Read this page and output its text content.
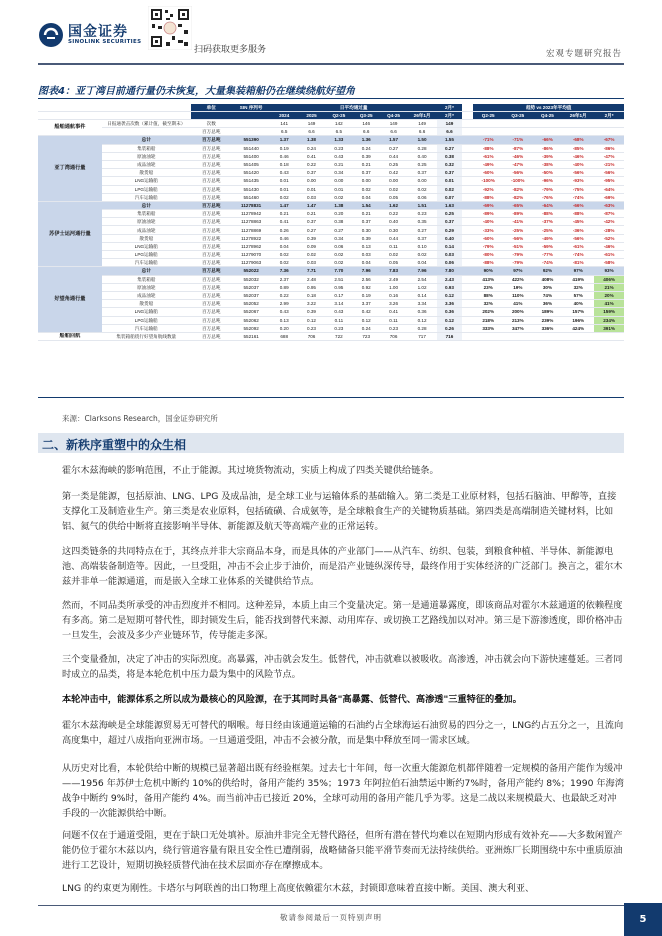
国金证券
SINOLINK SECURITIES
扫码获取更多服务	宏观专题研究报告
图表4：亚丁湾目前通行量仍未恢复，大量集装箱船仍在继续绕航好望角
		单位	SIN 序列号	日平均通过量						2月*		趋势 vs 2023年平均值				
				2024	2025	Q2-25	Q3-25	Q4-25	26年1月	2月*		Q2-25	Q3-25	Q4-25	26年1月	2月*
船舶通航事件	日报通袭击次数（累计值，截至期末）	次数		141	149	142	146	149	149	149						
		百万总吨		6.5	6.6	6.5	6.6	6.6	6.6	6.6						
亚丁湾通行量	总计	百万总吨	551390	1.37	1.38	1.33	1.36	1.57	1.50	1.55		-71%	-71%	-66%	-68%	-67%
	集装箱船	百万总吨	551440	0.19	0.24	0.23	0.24	0.27	0.28	0.27		-88%	-87%	-86%	-85%	-86%
	原油油轮	百万总吨	551400	0.46	0.41	0.43	0.39	0.44	0.40	0.38		-61%	-46%	-39%	-46%	-47%
	成品油轮	百万总吨	551405	0.18	0.22	0.21	0.21	0.25	0.25	0.32		-49%	-47%	-38%	-40%	-21%
	散货船	百万总吨	551420	0.43	0.37	0.34	0.37	0.42	0.37	0.37		-60%	-56%	-50%	-56%	-56%
	LNG运输船	百万总吨	551435	0.01	0.00	0.00	0.00	0.00	0.00	0.01		-100%	-100%	-96%	-93%	-95%
	LPG运输船	百万总吨	551430	0.01	0.01	0.01	0.02	0.02	0.02	0.02		-92%	-82%	-79%	-75%	-64%
	汽车运输船	百万总吨	551460	0.02	0.03	0.02	0.04	0.05	0.06	0.07		-88%	-82%	-76%	-74%	-69%
苏伊士运河通行量	总计	百万总吨	11278831	1.47	1.47	1.38	1.54	1.62	1.51	1.63		-69%	-65%	-64%	-66%	-63%
	集装箱船	百万总吨	11278942	0.21	0.21	0.20	0.21	0.22	0.23	0.25		-89%	-89%	-88%	-88%	-87%
	原油油轮	百万总吨	11278863	0.41	0.37	0.38	0.37	0.40	0.35	0.37		-40%	-41%	-37%	-45%	-42%
	成品油轮	百万总吨	11278869	0.26	0.27	0.27	0.30	0.30	0.27	0.29		-33%	-25%	-25%	-36%	-28%
	散货船	百万总吨	11278922	0.46	0.39	0.34	0.39	0.44	0.37	0.40		-60%	-56%	-49%	-56%	-52%
	LNG运输船	百万总吨	11278962	0.04	0.09	0.06	0.13	0.11	0.10	0.14		-79%	-51%	-59%	-61%	-46%
	LPG运输船	百万总吨	11279070	0.02	0.02	0.02	0.03	0.02	0.02	0.03		-80%	-79%	-77%	-74%	-61%
	汽车运输船	百万总吨	11279063	0.02	0.03	0.02	0.04	0.05	0.04	0.06		-88%	-79%	-74%	-81%	-58%
好望角通行量	总计	百万总吨	552022	7.36	7.71	7.70	7.96	7.83	7.96	7.80		90%	97%	92%	97%	93%
	集装箱船	百万总吨	552032	2.37	2.48	2.51	2.56	2.49	2.54	2.43		413%	422%	408%	419%	406%
	原油油轮	百万总吨	552037	0.89	0.95	0.95	0.92	1.00	1.02	0.93		23%	19%	30%	32%	21%
	成品油轮	百万总吨	552037	0.22	0.18	0.17	0.19	0.16	0.14	0.12		88%	110%	74%	57%	20%
	散货船	百万总吨	552052	2.99	3.22	3.14	3.37	3.26	3.34	3.36		32%	41%	36%	40%	41%
	LNG运输船	百万总吨	552067	0.43	0.39	0.43	0.42	0.41	0.36	0.36		202%	200%	189%	157%	159%
	LPG运输船	百万总吨	552062	0.13	0.12	0.11	0.12	0.11	0.12	0.12		218%	213%	239%	196%	234%
	汽车运输船	百万总吨	552092	0.20	0.23	0.23	0.24	0.23	0.28	0.26		333%	347%	336%	424%	391%
船舶回航	集装箱船绕行好望角航线数量	百万总吨	552161	688	706	722	723	706	717	716						
来源：Clarksons Research，国金证券研究所
二、新秩序重塑中的众生相

霍尔木兹海峡的影响范围，不止于能源。其过境货物流动，实质上构成了四类关键供给链条。

第一类是能源，包括原油、LNG、LPG 及成品油，是全球工业与运输体系的基础输入。第二类是工业原材料，包括石脑油、甲醇等，直接支撑化工及制造业生产。第三类是农业原料，包括硫磺、合成氨等，是全球粮食生产的关键物质基础。第四类是高端制造关键材料，比如铝、氦气的供给中断将直接影响半导体、新能源及航天等高端产业的正常运转。

这四类链条的共同特点在于，其终点并非大宗商品本身，而是具体的产业部门——从汽车、纺织、包装，到粮食种植、半导体、新能源电池、高端装备制造等。因此，一旦受阻，冲击不会止步于油价，而是沿产业链纵深传导，最终作用于实体经济的广泛部门。换言之，霍尔木兹并非单一能源通道，而是嵌入全球工业体系的关键供给节点。

然而，不同品类所承受的冲击烈度并不相同。这种差异，本质上由三个变量决定。第一是通道暴露度，即该商品对霍尔木兹通道的依赖程度有多高。第二是短期可替代性，即封锁发生后，能否找到替代来源、动用库存、或切换工艺路线加以对冲。第三是下游渗透度，即价格冲击一旦发生，会波及多少产业链环节，传导能走多深。

三个变量叠加，决定了冲击的实际烈度。高暴露，冲击就会发生。低替代，冲击就难以被吸收。高渗透，冲击就会向下游快速蔓延。三者同时成立的品类，将是本轮危机中压力最为集中的风险节点。

本轮冲击中，能源体系之所以成为最核心的风险源，在于其同时具备"高暴露、低替代、高渗透"三重特征的叠加。

霍尔木兹海峡是全球能源贸易无可替代的咽喉。每日经由该通道运输的石油约占全球海运石油贸易的四分之一，LNG约占五分之一，且流向高度集中，超过八成指向亚洲市场。一旦通道受阻，冲击不会被分散，而是集中释放至同一需求区域。

从历史对比看，本轮供给中断的规模已显著超出既有经验框架。过去七十年间，每一次重大能源危机都伴随着一定规模的备用产能作为缓冲——1956 年苏伊士危机中断约 10%的供给时，备用产能约 35%；1973 年阿拉伯石油禁运中断约7%时，备用产能约 8%；1990 年海湾战争中断约 9%时，备用产能约 4%。而当前冲击已接近 20%，全球可动用的备用产能几乎为零。这是二战以来规模最大、也最缺乏对冲手段的一次能源供给中断。

问题不仅在于通道受阻，更在于缺口无处填补。原油并非完全无替代路径，但所有潜在替代均难以在短期内形成有效补充——大多数闲置产能仍位于霍尔木兹以内，绕行管道容量有限且安全性已遭削弱，战略储备只能平滑节奏而无法持续供给。亚洲炼厂长期围绕中东中重质原油进行工艺设计，短期切换轻质替代油在技术层面亦存在摩擦成本。

LNG 的约束更为刚性。卡塔尔与阿联酋的出口物理上高度依赖霍尔木兹，封锁即意味着直接中断。美国、澳大利亚、

敬请参阅最后一页特别声明	5
